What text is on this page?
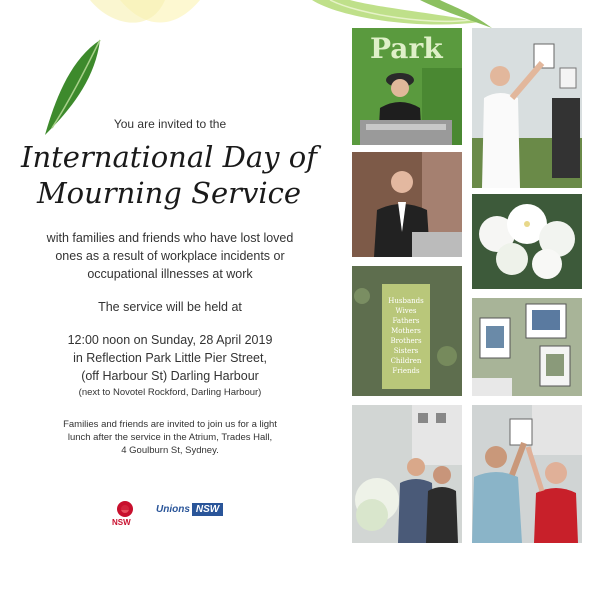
You are invited to the
International Day of
Mourning Service
with families and friends who have lost loved
ones as a result of workplace incidents or
occupational illnesses at work
The service will be held at
12:00 noon on Sunday, 28 April 2019
in Reflection Park Little Pier Street,
(off Harbour St) Darling Harbour
(next to Novotel Rockford, Darling Harbour)
Families and friends are invited to join us for a light
lunch after the service in the Atrium, Trades Hall,
4 Goulburn St, Sydney.
NSW
Unions NSW
Park
Husbands
Wives
Fathers
Mothers
Brothers
Sisters
Children
Friends
